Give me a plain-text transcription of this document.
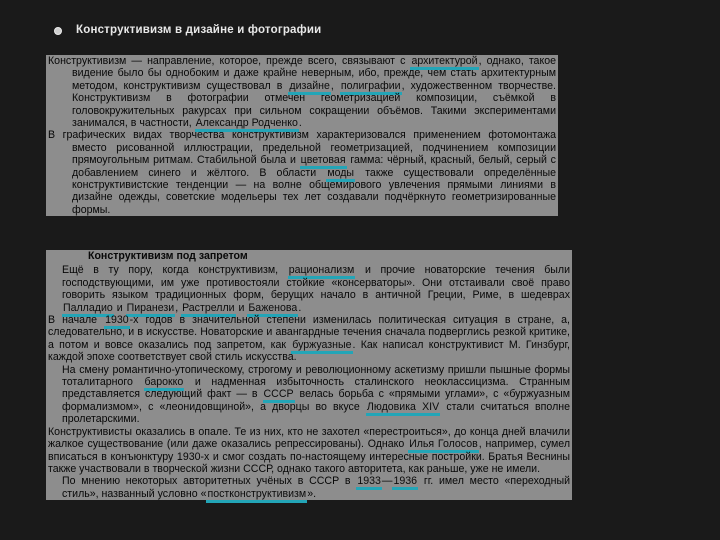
Конструктивизм в дизайне и фотографии

Конструктивизм — направление, которое, прежде всего, связывают с архитектурой, однако, такое видение было бы однобоким и даже крайне неверным, ибо, прежде, чем стать архитектурным методом, конструктивизм существовал в дизайне, полиграфии, художественном творчестве. Конструктивизм в фотографии отмечен геометризацией композиции, съёмкой в головокружительных ракурсах при сильном сокращении объёмов. Такими экспериментами занимался, в частности, Александр Родченко.

В графических видах творчества конструктивизм характеризовался применением фотомонтажа вместо рисованной иллюстрации, предельной геометризацией, подчинением композиции прямоугольным ритмам. Стабильной была и цветовая гамма: чёрный, красный, белый, серый с добавлением синего и жёлтого. В области моды также существовали определённые конструктивистские тенденции — на волне общемирового увлечения прямыми линиями в дизайне одежды, советские модельеры тех лет создавали подчёркнуто геометризированные формы.

Конструктивизм под запретом

Ещё в ту пору, когда конструктивизм, рационализм и прочие новаторские течения были господствующими, им уже противостояли стойкие «консерваторы». Они отстаивали своё право говорить языком традиционных форм, берущих начало в античной Греции, Риме, в шедеврах Палладио и Пиранези, Растрелли и Баженова.

В начале 1930-х годов в значительной степени изменилась политическая ситуация в стране, а, следовательно, и в искусстве. Новаторские и авангардные течения сначала подверглись резкой критике, а потом и вовсе оказались под запретом, как буржуазные. Как написал конструктивист М. Гинзбург, каждой эпохе соответствует свой стиль искусства.

На смену романтично-утопическому, строгому и революционному аскетизму пришли пышные формы тоталитарного барокко и надменная избыточность сталинского неоклассицизма. Странным представляется следующий факт — в СССР велась борьба с «прямыми углами», с «буржуазным формализмом», с «леонидовщиной», а дворцы во вкусе Людовика XIV стали считаться вполне пролетарскими.

Конструктивисты оказались в опале. Те из них, кто не захотел «перестроиться», до конца дней влачили жалкое существование (или даже оказались репрессированы). Однако Илья Голосов, например, сумел вписаться в конъюнктуру 1930-х и смог создать по-настоящему интересные постройки. Братья Веснины также участвовали в творческой жизни СССР, однако такого авторитета, как раньше, уже не имели.

По мнению некоторых авторитетных учёных в СССР в 1933—1936 гг. имел место «переходный стиль», названный условно «постконструктивизм».
